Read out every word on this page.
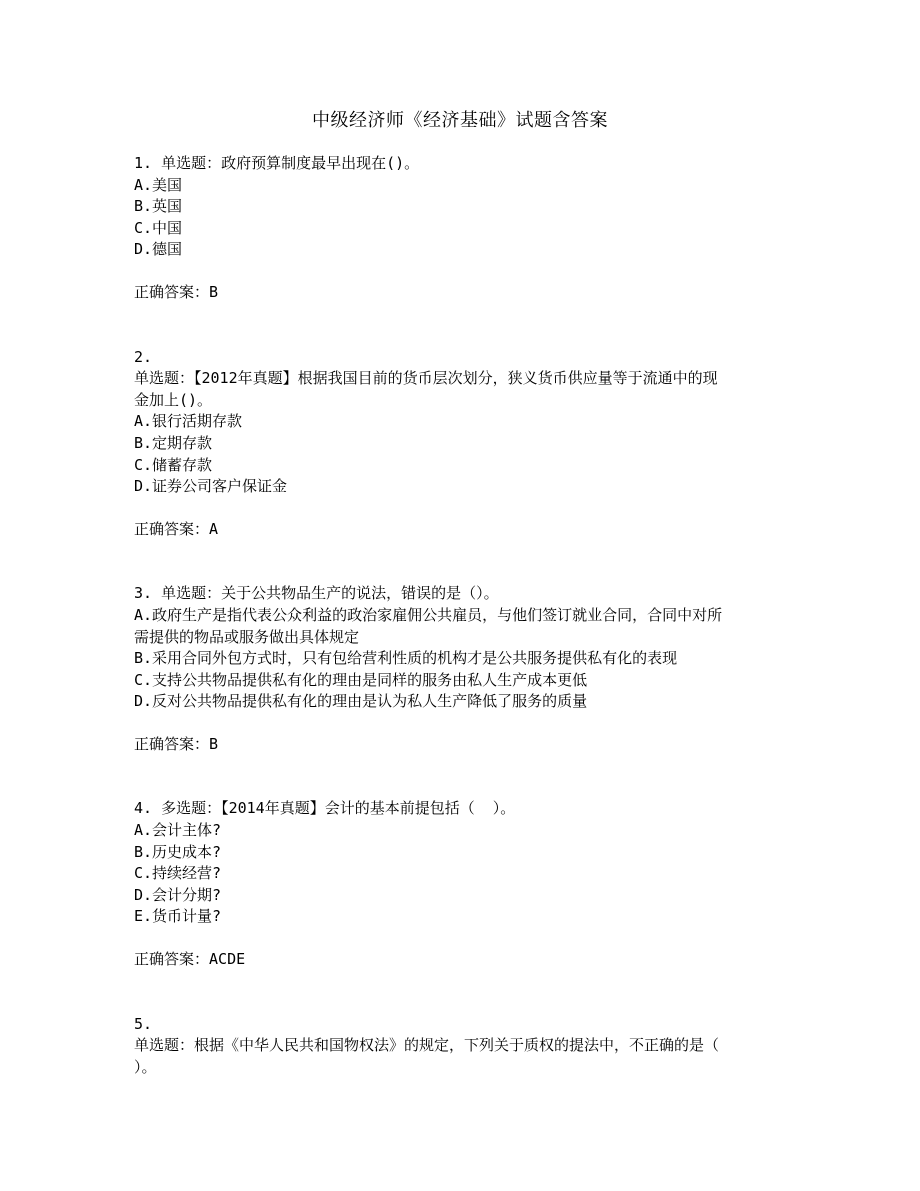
中级经济师《经济基础》试题含答案

1. 单选题：政府预算制度最早出现在()。

A.美国

B.英国

C.中国

D.德国

正确答案：B

2.

单选题：【2012年真题】根据我国目前的货币层次划分，狭义货币供应量等于流通中的现

金加上()。

A.银行活期存款

B.定期存款

C.储蓄存款

D.证券公司客户保证金

正确答案：A

3. 单选题：关于公共物品生产的说法，错误的是（）。

A.政府生产是指代表公众利益的政治家雇佣公共雇员，与他们签订就业合同，合同中对所

需提供的物品或服务做出具体规定

B.采用合同外包方式时，只有包给营利性质的机构才是公共服务提供私有化的表现

C.支持公共物品提供私有化的理由是同样的服务由私人生产成本更低

D.反对公共物品提供私有化的理由是认为私人生产降低了服务的质量

正确答案：B

4. 多选题：【2014年真题】会计的基本前提包括（  ）。

A.会计主体?

B.历史成本?

C.持续经营?

D.会计分期?

E.货币计量?

正确答案：ACDE

5.

单选题：根据《中华人民共和国物权法》的规定，下列关于质权的提法中，不正确的是（

）。
